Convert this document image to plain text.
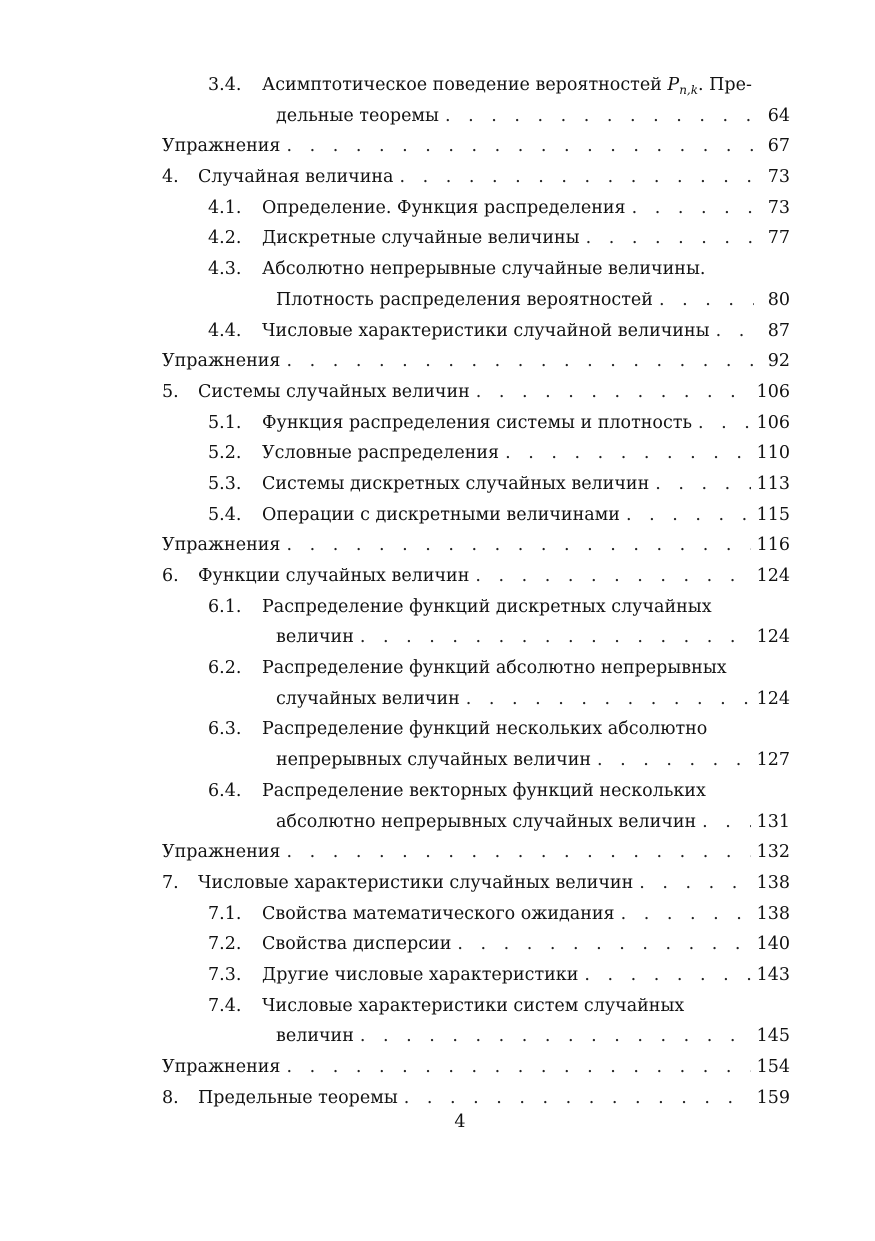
3.4.	Асимптотическое поведение вероятностей $P_{n,k}$. Пре-
дельные теоремы . . .	64
Упражнения . . .	67
4.	Случайная величина . . .	73
4.1.	Определение. Функция распределения . . .	73
4.2.	Дискретные случайные величины . . .	77
4.3.	Абсолютно непрерывные случайные величины.
Плотность распределения вероятностей . . .	80
4.4.	Числовые характеристики случайной величины . . .	87
Упражнения . . .	92
5.	Системы случайных величин . . .	106
5.1.	Функция распределения системы и плотность . . .	106
5.2.	Условные распределения . . .	110
5.3.	Системы дискретных случайных величин . . .	113
5.4.	Операции с дискретными величинами . . .	115
Упражнения . . .	116
6.	Функции случайных величин . . .	124
6.1.	Распределение функций дискретных случайных
величин . . .	124
6.2.	Распределение функций абсолютно непрерывных
случайных величин . . .	124
6.3.	Распределение функций нескольких абсолютно
непрерывных случайных величин . . .	127
6.4.	Распределение векторных функций нескольких
абсолютно непрерывных случайных величин . . .	131
Упражнения . . .	132
7.	Числовые характеристики случайных величин . . .	138
7.1.	Свойства математического ожидания . . .	138
7.2.	Свойства дисперсии . . .	140
7.3.	Другие числовые характеристики . . .	143
7.4.	Числовые характеристики систем случайных
величин . . .	145
Упражнения . . .	154
8.	Предельные теоремы . . .	159
4
